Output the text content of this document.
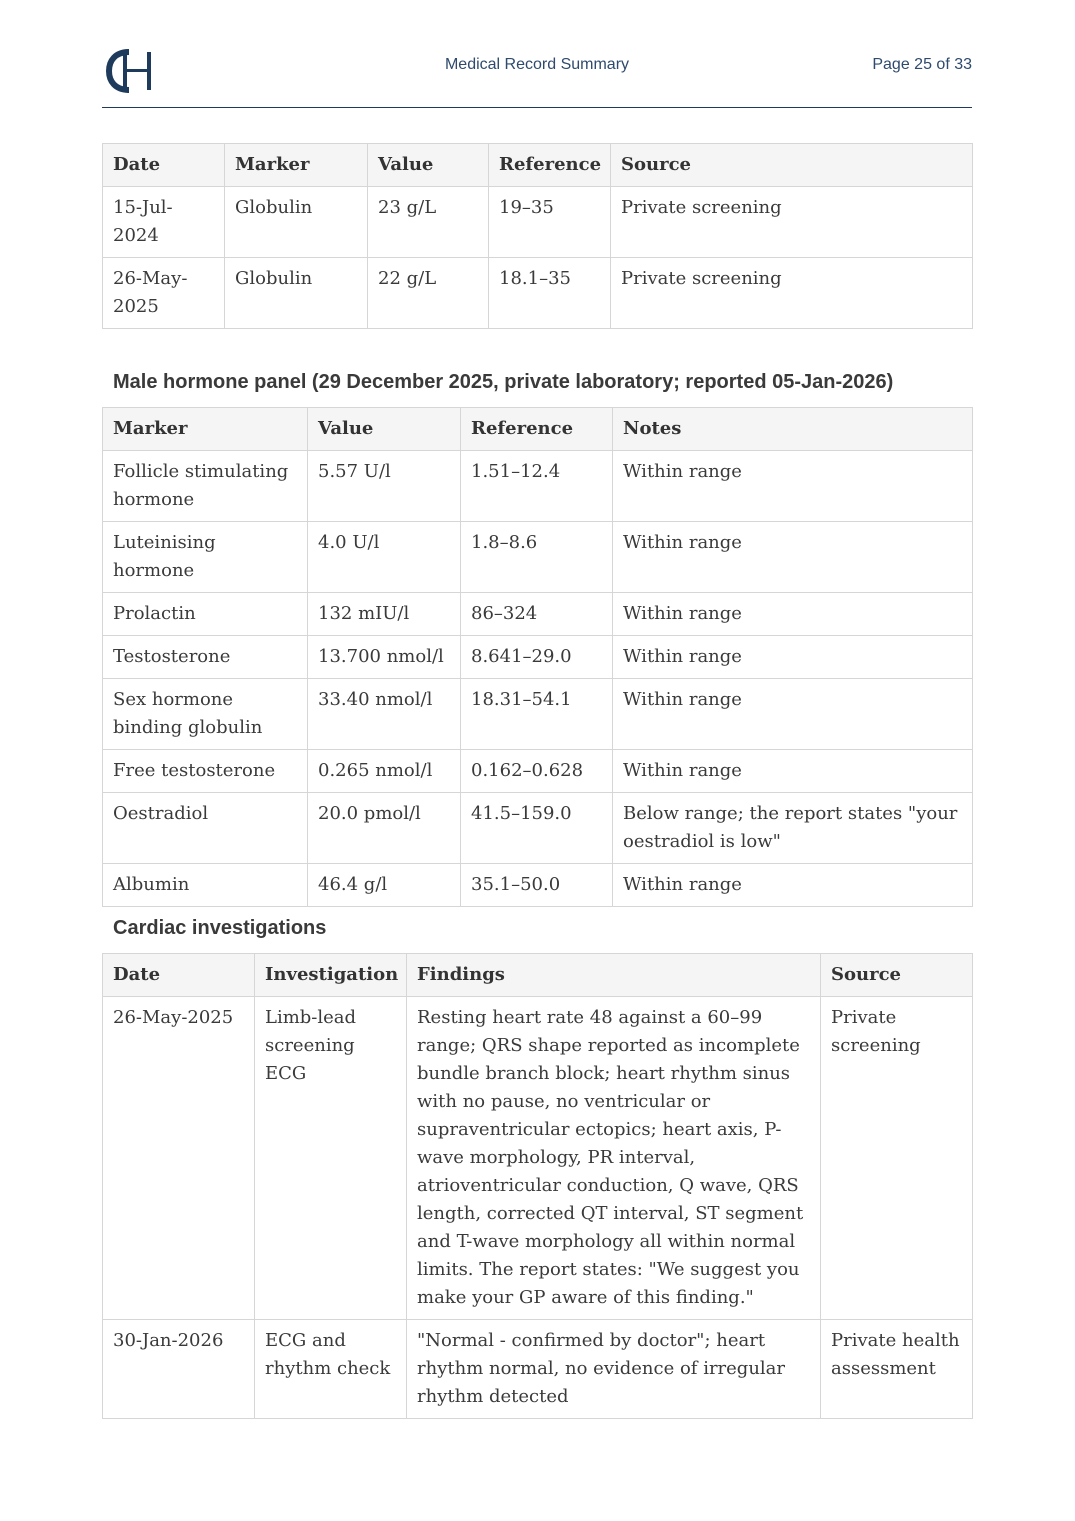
Medical Record Summary	Page 25 of 33
Date	Marker	Value	Reference	Source
15-Jul-2024	Globulin	23 g/L	19–35	Private screening
26-May-2025	Globulin	22 g/L	18.1–35	Private screening
Male hormone panel (29 December 2025, private laboratory; reported 05-Jan-2026)
Marker	Value	Reference	Notes
Follicle stimulating hormone	5.57 U/l	1.51–12.4	Within range
Luteinising hormone	4.0 U/l	1.8–8.6	Within range
Prolactin	132 mIU/l	86–324	Within range
Testosterone	13.700 nmol/l	8.641–29.0	Within range
Sex hormone binding globulin	33.40 nmol/l	18.31–54.1	Within range
Free testosterone	0.265 nmol/l	0.162–0.628	Within range
Oestradiol	20.0 pmol/l	41.5–159.0	Below range; the report states "your oestradiol is low"
Albumin	46.4 g/l	35.1–50.0	Within range
Cardiac investigations
Date	Investigation	Findings	Source
26-May-2025	Limb-lead screening ECG	Resting heart rate 48 against a 60–99 range; QRS shape reported as incomplete bundle branch block; heart rhythm sinus with no pause, no ventricular or supraventricular ectopics; heart axis, P-wave morphology, PR interval, atrioventricular conduction, Q wave, QRS length, corrected QT interval, ST segment and T-wave morphology all within normal limits. The report states: "We suggest you make your GP aware of this finding."	Private screening
30-Jan-2026	ECG and rhythm check	"Normal - confirmed by doctor"; heart rhythm normal, no evidence of irregular rhythm detected	Private health assessment
